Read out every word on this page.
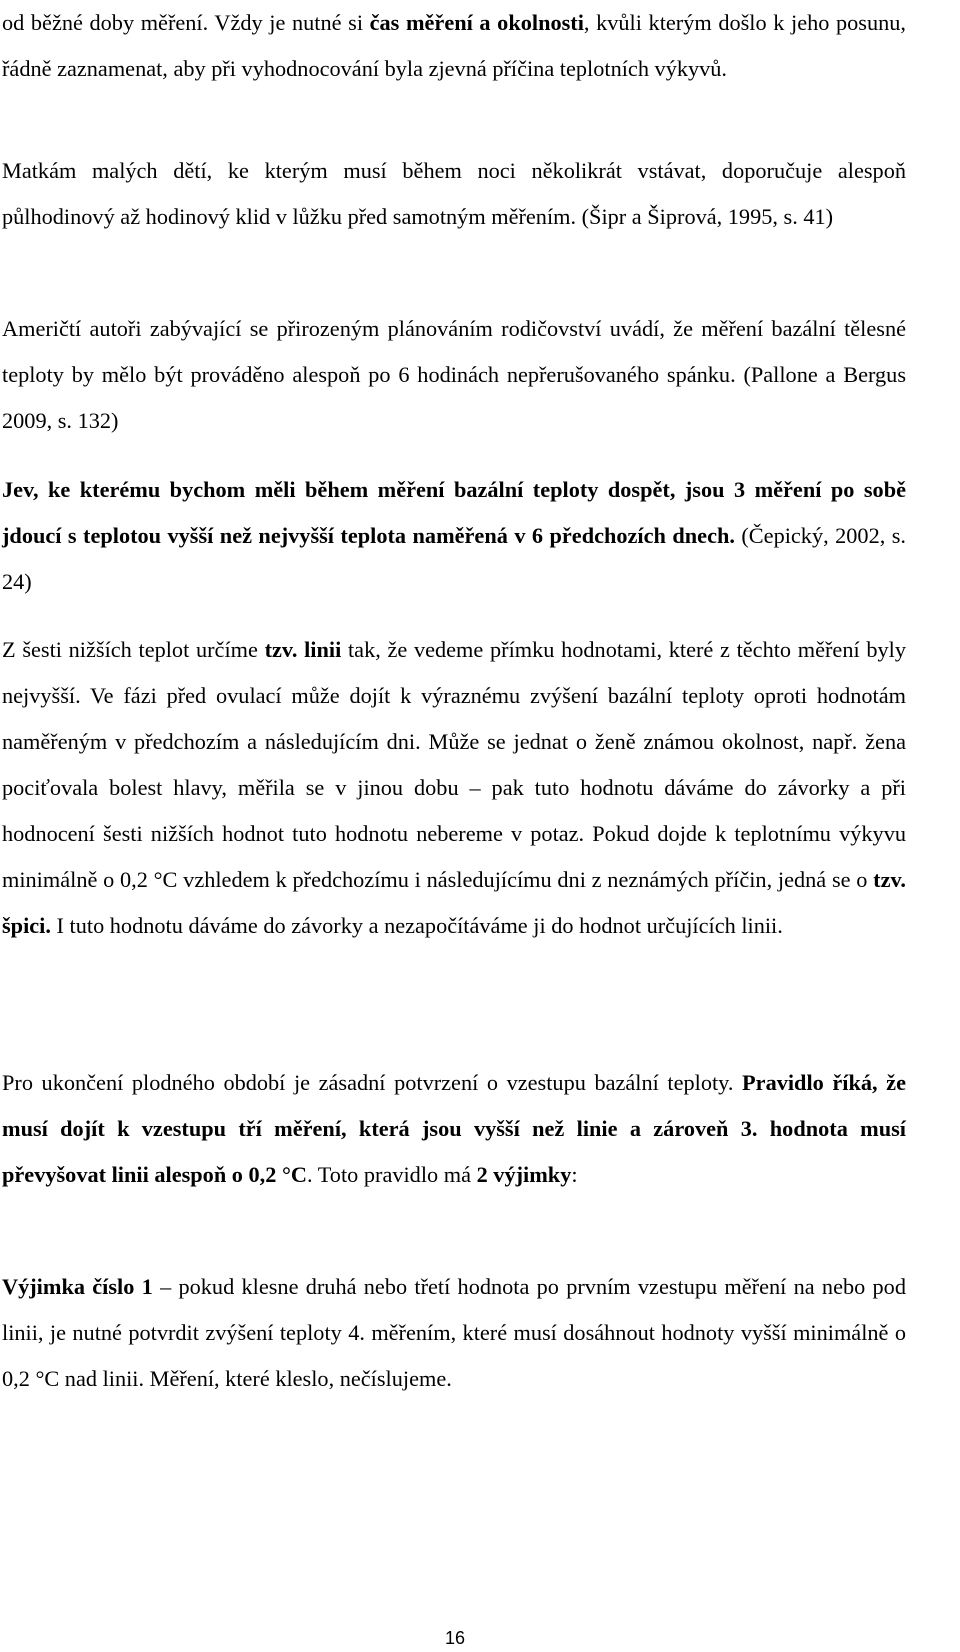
od běžné doby měření. Vždy je nutné si čas měření a okolnosti, kvůli kterým došlo k jeho posunu, řádně zaznamenat, aby při vyhodnocování byla zjevná příčina teplotních výkyvů.

Matkám malých dětí, ke kterým musí během noci několikrát vstávat, doporučuje alespoň půlhodinový až hodinový klid v lůžku před samotným měřením. (Šipr a Šiprová, 1995, s. 41)

Američtí autoři zabývající se přirozeným plánováním rodičovství uvádí, že měření bazální tělesné teploty by mělo být prováděno alespoň po 6 hodinách nepřerušovaného spánku. (Pallone a Bergus 2009, s. 132)

Jev, ke kterému bychom měli během měření bazální teploty dospět, jsou 3 měření po sobě jdoucí s teplotou vyšší než nejvyšší teplota naměřená v 6 předchozích dnech. (Čepický, 2002, s. 24)

Z šesti nižších teplot určíme tzv. linii tak, že vedeme přímku hodnotami, které z těchto měření byly nejvyšší. Ve fázi před ovulací může dojít k výraznému zvýšení bazální teploty oproti hodnotám naměřeným v předchozím a následujícím dni. Může se jednat o ženě známou okolnost, např. žena pociťovala bolest hlavy, měřila se v jinou dobu – pak tuto hodnotu dáváme do závorky a při hodnocení šesti nižších hodnot tuto hodnotu nebereme v potaz. Pokud dojde k teplotnímu výkyvu minimálně o 0,2 °C vzhledem k předchozímu i následujícímu dni z neznámých příčin, jedná se o tzv. špici. I tuto hodnotu dáváme do závorky a nezapočítáváme ji do hodnot určujících linii.

Pro ukončení plodného období je zásadní potvrzení o vzestupu bazální teploty. Pravidlo říká, že musí dojít k vzestupu tří měření, která jsou vyšší než linie a zároveň 3. hodnota musí převyšovat linii alespoň o 0,2 °C. Toto pravidlo má 2 výjimky:

Výjimka číslo 1 – pokud klesne druhá nebo třetí hodnota po prvním vzestupu měření na nebo pod linii, je nutné potvrdit zvýšení teploty 4. měřením, které musí dosáhnout hodnoty vyšší minimálně o 0,2 °C nad linii. Měření, které kleslo, nečíslujeme.

16
